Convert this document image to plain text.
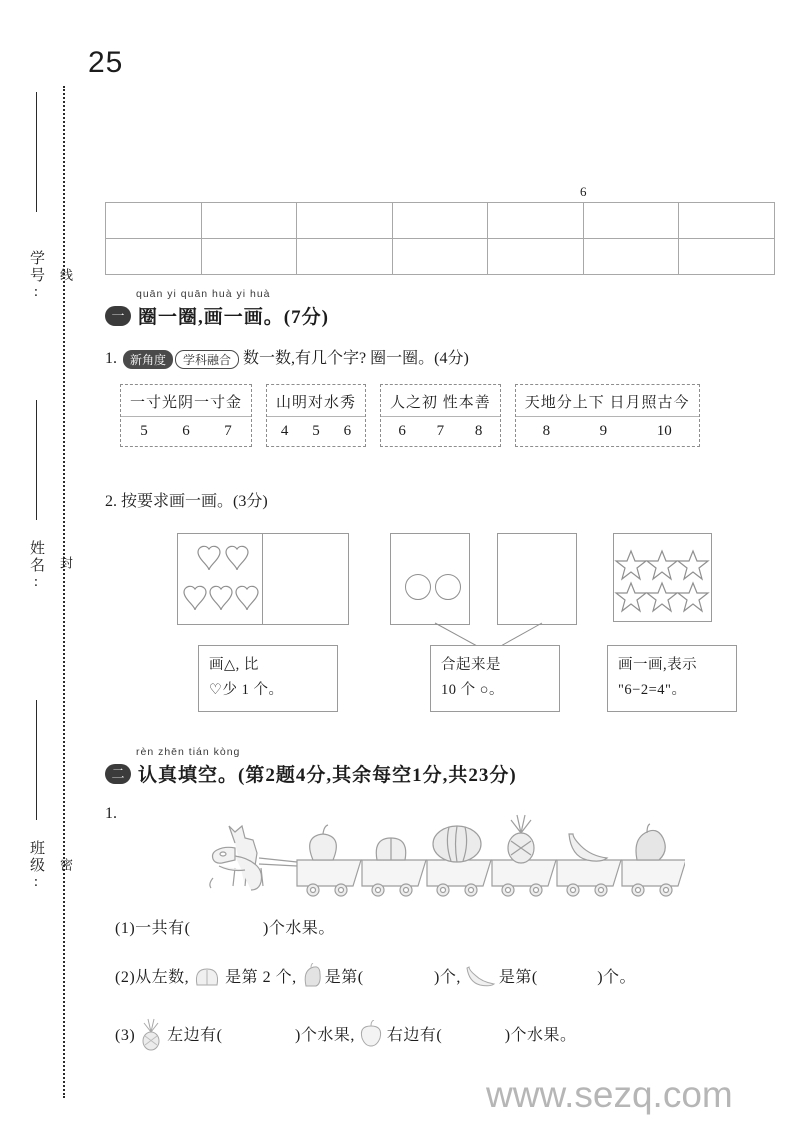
学号: 线
姓名: 封
班级: 密
25
6

quān yi quān huà yi huà
一 圈一圈,画一画。(7分)
1. 新角度 学科融合 数一数,有几个字? 圈一圈。(4分)
一寸光阴一寸金
5 6 7
山明对水秀
4 5 6
人之初 性本善
6 7 8
天地分上下 日月照古今
8	9	10
2. 按要求画一画。(3分)
画△, 比
♡少 1 个。
合起来是
10 个 ○。
画一画,表示
"6−2=4"。
rèn zhēn tián kòng
二 认真填空。(第2题4分,其余每空1分,共23分)
1.
(1)一共有(	)个水果。
(2)从左数, 是第 2 个, 是第(	)个, 是第(	)个。
(3) 左边有(	)个水果, 右边有(	)个水果。
www.sezq.com
